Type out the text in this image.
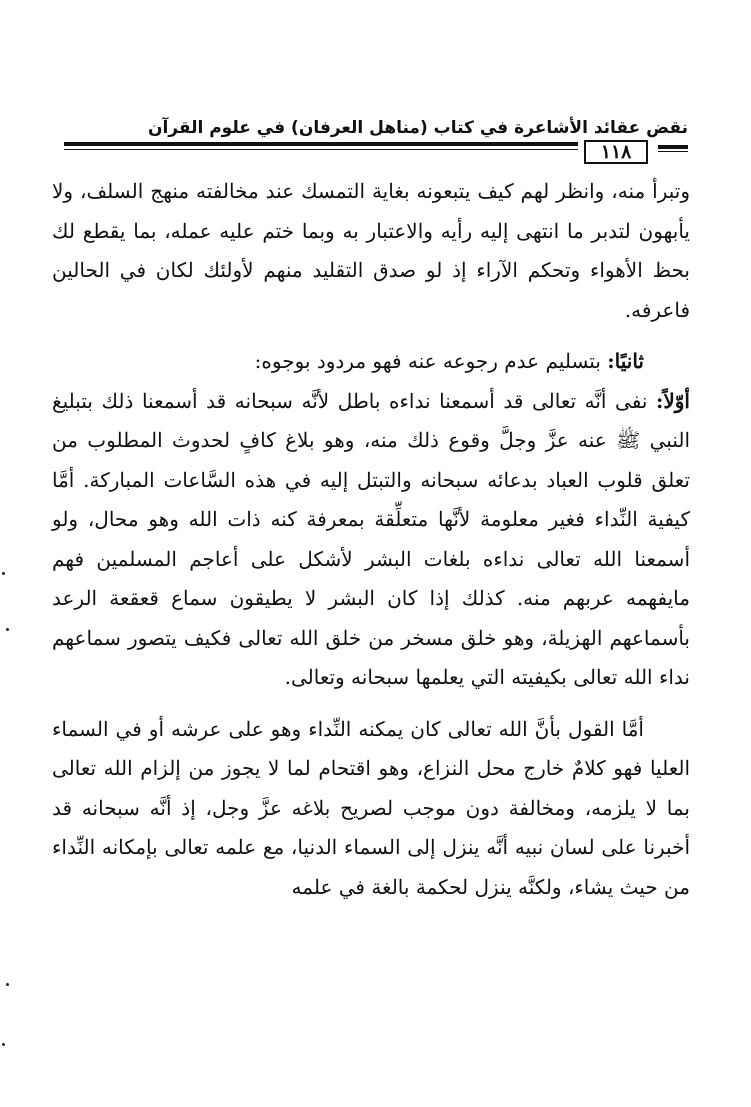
نقض عقائد الأشاعرة في كتاب (مناهل العرفان) في علوم القرآن
١١٨

وتبرأ منه، وانظر لهم كيف يتبعونه بغاية التمسك عند مخالفته منهج السلف، ولا يأبهون لتدبر ما انتهى إليه رأيه والاعتبار به وبما ختم عليه عمله، بما يقطع لك بحظ الأهواء وتحكم الآراء إذ لو صدق التقليد منهم لأولئك لكان في الحالين فاعرفه.

ثانيًا: بتسليم عدم رجوعه عنه فهو مردود بوجوه:

أوّلاً: نفى أنَّه تعالى قد أسمعنا نداءه باطل لأنَّه سبحانه قد أسمعنا ذلك بتبليغ النبي ﷺ عنه عزَّ وجلَّ وقوع ذلك منه، وهو بلاغ كافٍ لحدوث المطلوب من تعلق قلوب العباد بدعائه سبحانه والتبتل إليه في هذه السَّاعات المباركة. أمَّا كيفية النِّداء فغير معلومة لأنَّها متعلِّقة بمعرفة كنه ذات الله وهو محال، ولو أسمعنا الله تعالى نداءه بلغات البشر لأشكل على أعاجم المسلمين فهم مايفهمه عربهم منه. كذلك إذا كان البشر لا يطيقون سماع قعقعة الرعد بأسماعهم الهزيلة، وهو خلق مسخر من خلق الله تعالى فكيف يتصور سماعهم نداء الله تعالى بكيفيته التي يعلمها سبحانه وتعالى.

أمَّا القول بأنَّ الله تعالى كان يمكنه النِّداء وهو على عرشه أو في السماء العليا فهو كلامٌ خارج محل النزاع، وهو اقتحام لما لا يجوز من إلزام الله تعالى بما لا يلزمه، ومخالفة دون موجب لصريح بلاغه عزَّ وجل، إذ أنَّه سبحانه قد أخبرنا على لسان نبيه أنَّه ينزل إلى السماء الدنيا، مع علمه تعالى بإمكانه النِّداء من حيث يشاء، ولكنَّه ينزل لحكمة بالغة في علمه
